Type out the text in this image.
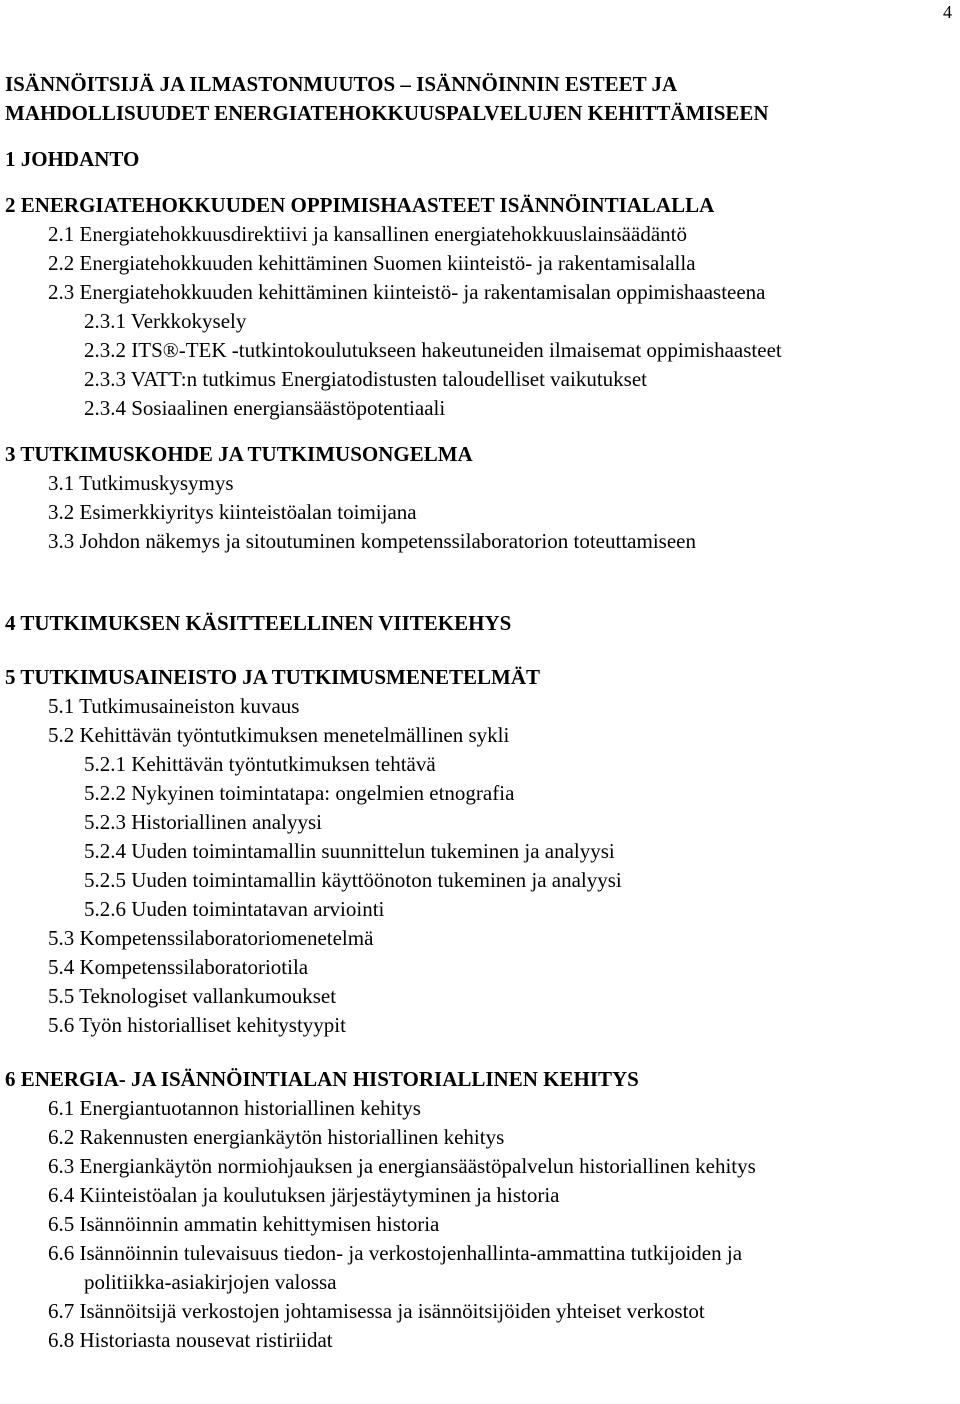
4
ISÄNNÖITSIJÄ JA ILMASTONMUUTOS – ISÄNNÖINNIN ESTEET JA
MAHDOLLISUUDET ENERGIATEHOKKUUSPALVELUJEN KEHITTÄMISEEN
1 JOHDANTO
2 ENERGIATEHOKKUUDEN OPPIMISHAASTEET ISÄNNÖINTIALALLA
2.1 Energiatehokkuusdirektiivi ja kansallinen energiatehokkuuslainsäädäntö
2.2 Energiatehokkuuden kehittäminen Suomen kiinteistö- ja rakentamisalalla
2.3 Energiatehokkuuden kehittäminen kiinteistö- ja rakentamisalan oppimishaasteena
2.3.1 Verkkokysely
2.3.2 ITS®-TEK -tutkintokoulutukseen hakeutuneiden ilmaisemat oppimishaasteet
2.3.3 VATT:n tutkimus Energiatodistusten taloudelliset vaikutukset
2.3.4 Sosiaalinen energiansäästöpotentiaali
3 TUTKIMUSKOHDE JA TUTKIMUSONGELMA
3.1 Tutkimuskysymys
3.2 Esimerkkiyritys kiinteistöalan toimijana
3.3 Johdon näkemys ja sitoutuminen kompetenssilaboratorion toteuttamiseen
4 TUTKIMUKSEN KÄSITTEELLINEN VIITEKEHYS
5 TUTKIMUSAINEISTO JA TUTKIMUSMENETELMÄT
5.1 Tutkimusaineiston kuvaus
5.2 Kehittävän työntutkimuksen menetelmällinen sykli
5.2.1 Kehittävän työntutkimuksen tehtävä
5.2.2 Nykyinen toimintatapa: ongelmien etnografia
5.2.3 Historiallinen analyysi
5.2.4 Uuden toimintamallin suunnittelun tukeminen ja analyysi
5.2.5 Uuden toimintamallin käyttöönoton tukeminen ja analyysi
5.2.6 Uuden toimintatavan arviointi
5.3 Kompetenssilaboratoriomenetelmä
5.4 Kompetenssilaboratoriotila
5.5 Teknologiset vallankumoukset
5.6 Työn historialliset kehitystyypit
6 ENERGIA- JA ISÄNNÖINTIALAN HISTORIALLINEN KEHITYS
6.1 Energiantuotannon historiallinen kehitys
6.2 Rakennusten energiankäytön historiallinen kehitys
6.3 Energiankäytön normiohjauksen ja energiansäästöpalvelun historiallinen kehitys
6.4 Kiinteistöalan ja koulutuksen järjestäytyminen ja historia
6.5 Isännöinnin ammatin kehittymisen historia
6.6 Isännöinnin tulevaisuus tiedon- ja verkostojenhallinta-ammattina tutkijoiden ja
politiikka-asiakirjojen valossa
6.7 Isännöitsijä verkostojen johtamisessa ja isännöitsijöiden yhteiset verkostot
6.8 Historiasta nousevat ristiriidat
